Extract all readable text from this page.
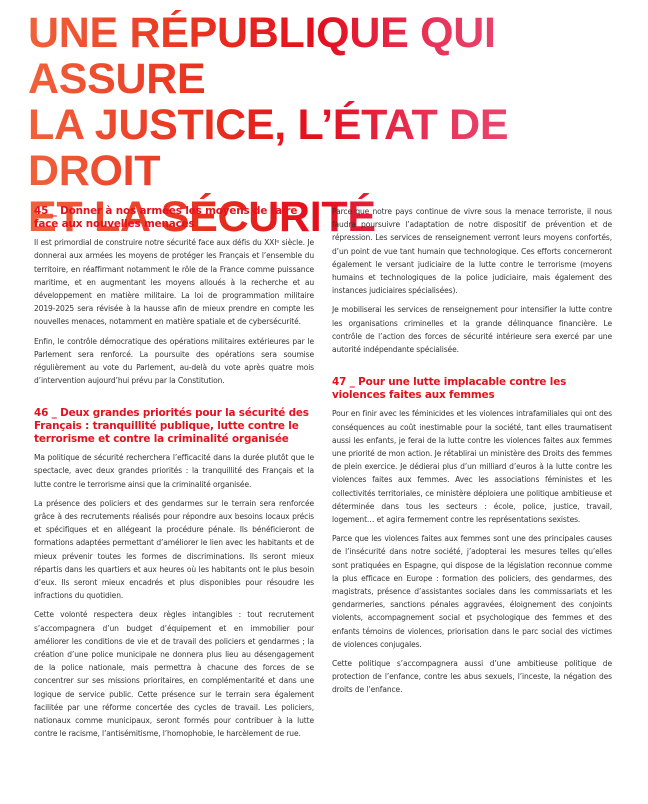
UNE RÉPUBLIQUE QUI ASSURE
LA JUSTICE, L’ÉTAT DE DROIT
ET LA SÉCURITÉ
45 _ Donner à nos armées les moyens de faire face aux nouvelles menaces

Il est primordial de construire notre sécurité face aux défis du XXIᵉ siècle. Je donnerai aux armées les moyens de protéger les Français et l’ensemble du territoire, en réaffirmant notamment le rôle de la France comme puissance maritime, et en augmentant les moyens alloués à la recherche et au développement en matière militaire. La loi de programmation militaire 2019-2025 sera révisée à la hausse afin de mieux prendre en compte les nouvelles menaces, notamment en matière spatiale et de cybersécurité.

Enfin, le contrôle démocratique des opérations militaires extérieures par le Parlement sera renforcé. La poursuite des opérations sera soumise régulièrement au vote du Parlement, au-delà du vote après quatre mois d’intervention aujourd’hui prévu par la Constitution.

46 _ Deux grandes priorités pour la sécurité des Français : tranquillité publique, lutte contre le terrorisme et contre la criminalité organisée

Ma politique de sécurité recherchera l’efficacité dans la durée plutôt que le spectacle, avec deux grandes priorités : la tranquillité des Français et la lutte contre le terrorisme ainsi que la criminalité organisée.

La présence des policiers et des gendarmes sur le terrain sera renforcée grâce à des recrutements réalisés pour répondre aux besoins locaux précis et spécifiques et en allégeant la procédure pénale. Ils bénéficieront de formations adaptées permettant d’améliorer le lien avec les habitants et de mieux prévenir toutes les formes de discriminations. Ils seront mieux répartis dans les quartiers et aux heures où les habitants ont le plus besoin d’eux. Ils seront mieux encadrés et plus disponibles pour résoudre les infractions du quotidien.

Cette volonté respectera deux règles intangibles : tout recrutement s’accompagnera d’un budget d’équipement et en immobilier pour améliorer les conditions de vie et de travail des policiers et gendarmes ; la création d’une police municipale ne donnera plus lieu au désengagement de la police nationale, mais permettra à chacune des forces de se concentrer sur ses missions prioritaires, en complémentarité et dans une logique de service public. Cette présence sur le terrain sera également facilitée par une réforme concertée des cycles de travail. Les policiers, nationaux comme municipaux, seront formés pour contribuer à la lutte contre le racisme, l’antisémitisme, l’homophobie, le harcèlement de rue.

Parce que notre pays continue de vivre sous la menace terroriste, il nous faudra poursuivre l’adaptation de notre dispositif de prévention et de répression. Les services de renseignement verront leurs moyens confortés, d’un point de vue tant humain que technologique. Ces efforts concerneront également le versant judiciaire de la lutte contre le terrorisme (moyens humains et technologiques de la police judiciaire, mais également des instances judiciaires spécialisées).

Je mobiliserai les services de renseignement pour intensifier la lutte contre les organisations criminelles et la grande délinquance financière. Le contrôle de l’action des forces de sécurité intérieure sera exercé par une autorité indépendante spécialisée.

47 _ Pour une lutte implacable contre les violences faites aux femmes

Pour en finir avec les féminicides et les violences intrafamiliales qui ont des conséquences au coût inestimable pour la société, tant elles traumatisent aussi les enfants, je ferai de la lutte contre les violences faites aux femmes une priorité de mon action. Je rétablirai un ministère des Droits des femmes de plein exercice. Je dédierai plus d’un milliard d’euros à la lutte contre les violences faites aux femmes. Avec les associations féministes et les collectivités territoriales, ce ministère déploiera une politique ambitieuse et déterminée dans tous les secteurs : école, police, justice, travail, logement… et agira fermement contre les représentations sexistes.

Parce que les violences faites aux femmes sont une des principales causes de l’insécurité dans notre société, j’adopterai les mesures telles qu’elles sont pratiquées en Espagne, qui dispose de la législation reconnue comme la plus efficace en Europe : formation des policiers, des gendarmes, des magistrats, présence d’assistantes sociales dans les commissariats et les gendarmeries, sanctions pénales aggravées, éloignement des conjoints violents, accompagnement social et psychologique des femmes et des enfants témoins de violences, priorisation dans le parc social des victimes de violences conjugales.

Cette politique s’accompagnera aussi d’une ambitieuse politique de protection de l’enfance, contre les abus sexuels, l’inceste, la négation des droits de l’enfance.
